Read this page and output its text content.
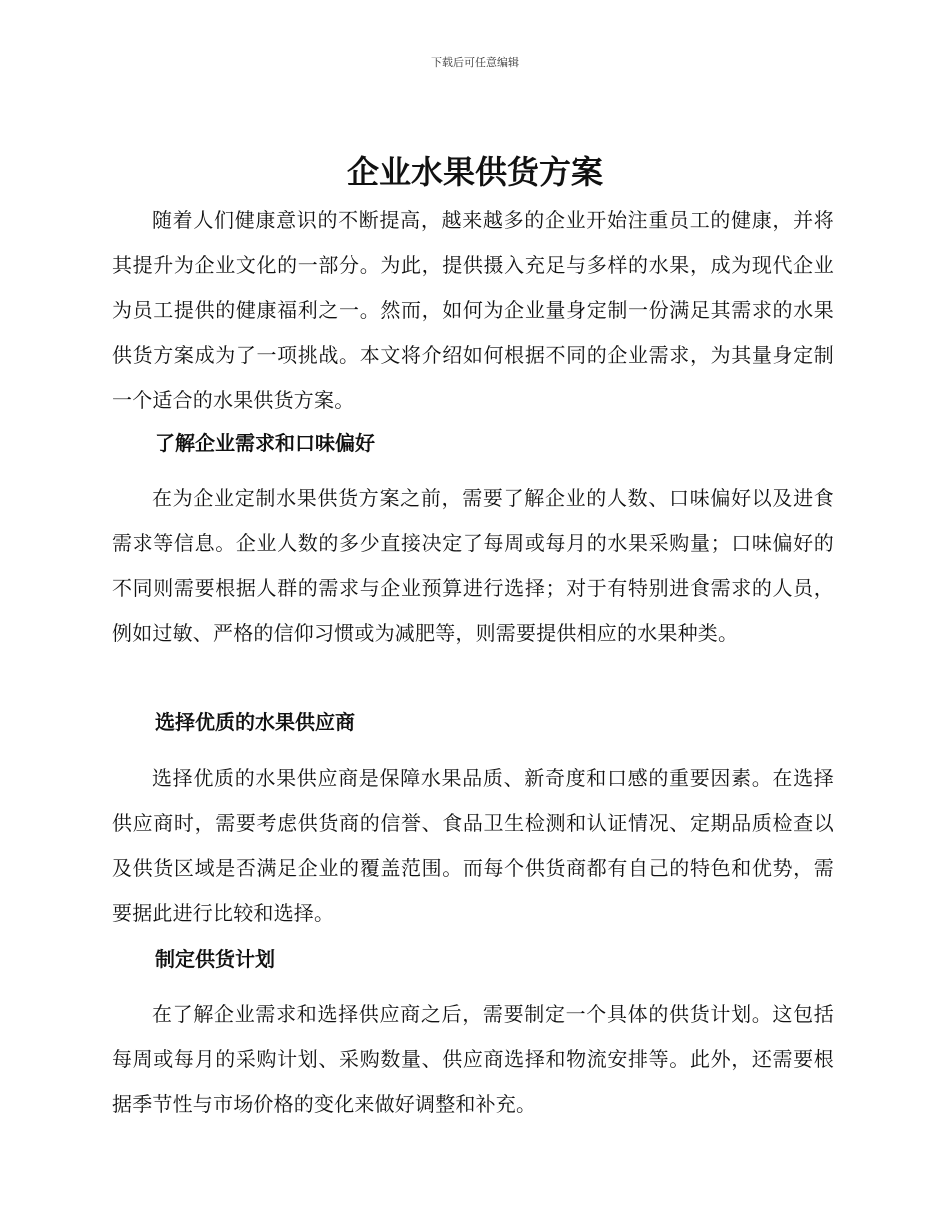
下载后可任意编辑
企业水果供货方案

随着人们健康意识的不断提高，越来越多的企业开始注重员工的健康，并将其提升为企业文化的一部分。为此，提供摄入充足与多样的水果，成为现代企业为员工提供的健康福利之一。然而，如何为企业量身定制一份满足其需求的水果供货方案成为了一项挑战。本文将介绍如何根据不同的企业需求，为其量身定制一个适合的水果供货方案。

了解企业需求和口味偏好

在为企业定制水果供货方案之前，需要了解企业的人数、口味偏好以及进食需求等信息。企业人数的多少直接决定了每周或每月的水果采购量；口味偏好的不同则需要根据人群的需求与企业预算进行选择；对于有特别进食需求的人员，例如过敏、严格的信仰习惯或为减肥等，则需要提供相应的水果种类。

选择优质的水果供应商

选择优质的水果供应商是保障水果品质、新奇度和口感的重要因素。在选择供应商时，需要考虑供货商的信誉、食品卫生检测和认证情况、定期品质检查以及供货区域是否满足企业的覆盖范围。而每个供货商都有自己的特色和优势，需要据此进行比较和选择。

制定供货计划

在了解企业需求和选择供应商之后，需要制定一个具体的供货计划。这包括每周或每月的采购计划、采购数量、供应商选择和物流安排等。此外，还需要根据季节性与市场价格的变化来做好调整和补充。
